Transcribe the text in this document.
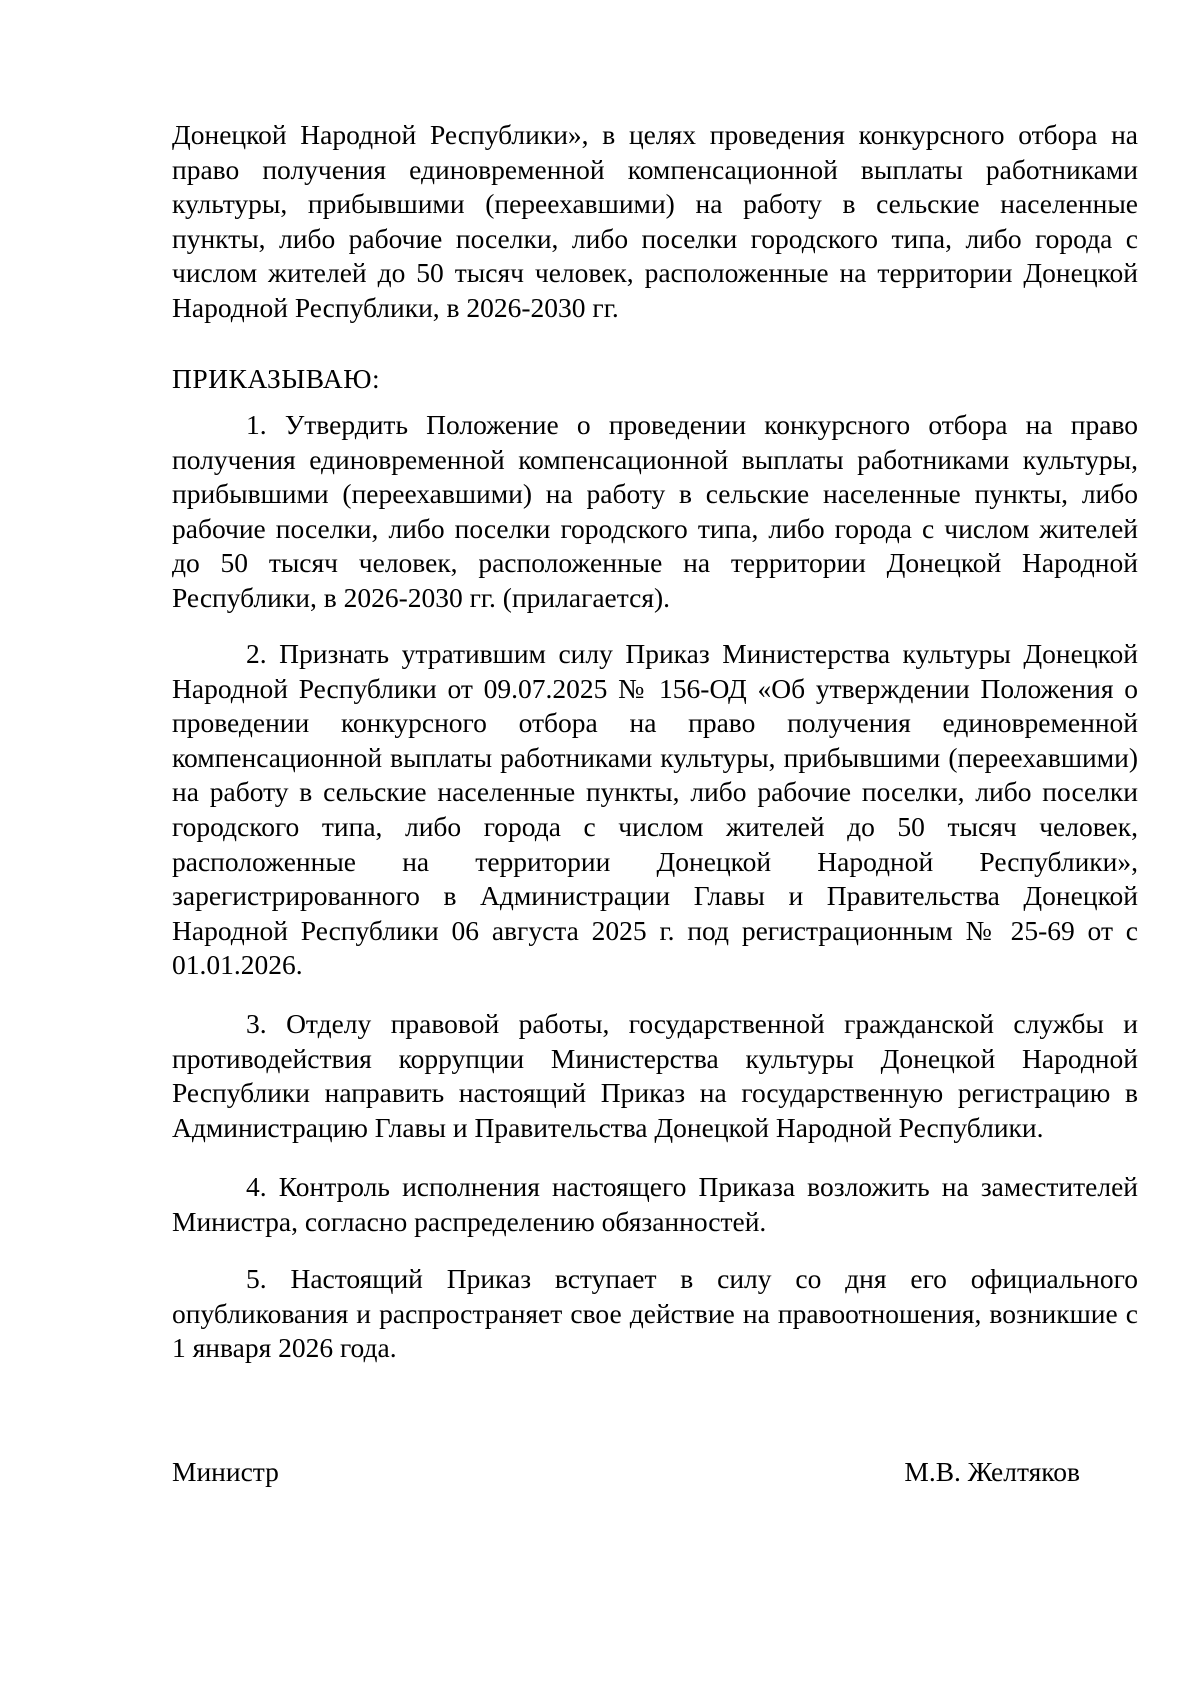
Донецкой Народной Республики», в целях проведения конкурсного отбора на право получения единовременной компенсационной выплаты работниками культуры, прибывшими (переехавшими) на работу в сельские населенные пункты, либо рабочие поселки, либо поселки городского типа, либо города с числом жителей до 50 тысяч человек, расположенные на территории Донецкой Народной Республики, в 2026-2030 гг.

ПРИКАЗЫВАЮ:

1. Утвердить Положение о проведении конкурсного отбора на право получения единовременной компенсационной выплаты работниками культуры, прибывшими (переехавшими) на работу в сельские населенные пункты, либо рабочие поселки, либо поселки городского типа, либо города с числом жителей до 50 тысяч человек, расположенные на территории Донецкой Народной Республики, в 2026-2030 гг. (прилагается).

2. Признать утратившим силу Приказ Министерства культуры Донецкой Народной Республики от 09.07.2025 № 156-ОД «Об утверждении Положения о проведении конкурсного отбора на право получения единовременной компенсационной выплаты работниками культуры, прибывшими (переехавшими) на работу в сельские населенные пункты, либо рабочие поселки, либо поселки городского типа, либо города с числом жителей до 50 тысяч человек, расположенные на территории Донецкой Народной Республики», зарегистрированного в Администрации Главы и Правительства Донецкой Народной Республики 06 августа 2025 г. под регистрационным № 25-69 от с 01.01.2026.

3. Отделу правовой работы, государственной гражданской службы и противодействия коррупции Министерства культуры Донецкой Народной Республики направить настоящий Приказ на государственную регистрацию в Администрацию Главы и Правительства Донецкой Народной Республики.

4. Контроль исполнения настоящего Приказа возложить на заместителей Министра, согласно распределению обязанностей.

5. Настоящий Приказ вступает в силу со дня его официального опубликования и распространяет свое действие на правоотношения, возникшие с 1 января 2026 года.

Министр	М.В. Желтяков
